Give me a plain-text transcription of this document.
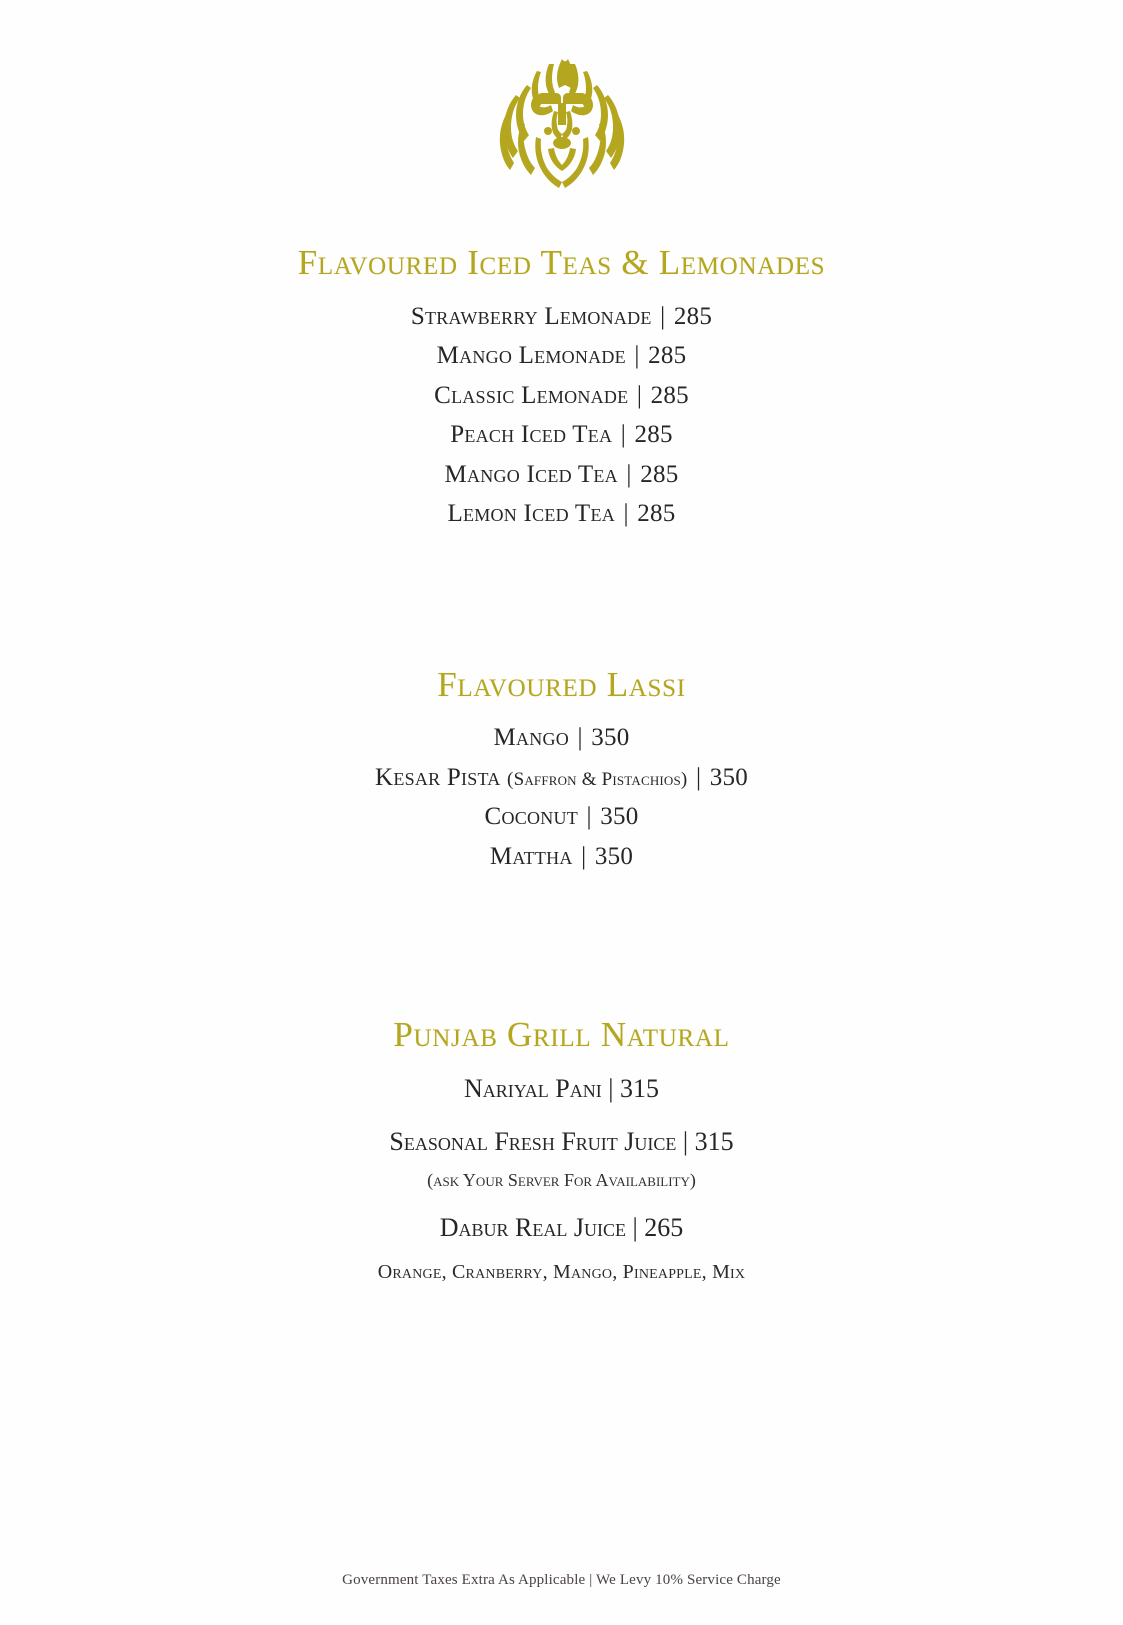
Flavoured Iced Teas & Lemonades
Strawberry Lemonade | 285
Mango Lemonade | 285
Classic Lemonade | 285
Peach Iced Tea | 285
Mango Iced Tea | 285
Lemon Iced Tea | 285
Flavoured Lassi
Mango | 350
Kesar Pista (Saffron & Pistachios) | 350
Coconut | 350
Mattha | 350
Punjab Grill Natural
Nariyal Pani | 315
Seasonal Fresh Fruit Juice | 315
(ask Your Server For Availability)
Dabur Real Juice | 265
Orange, Cranberry, Mango, Pineapple, Mix
Government Taxes Extra As Applicable | We Levy 10% Service Charge
